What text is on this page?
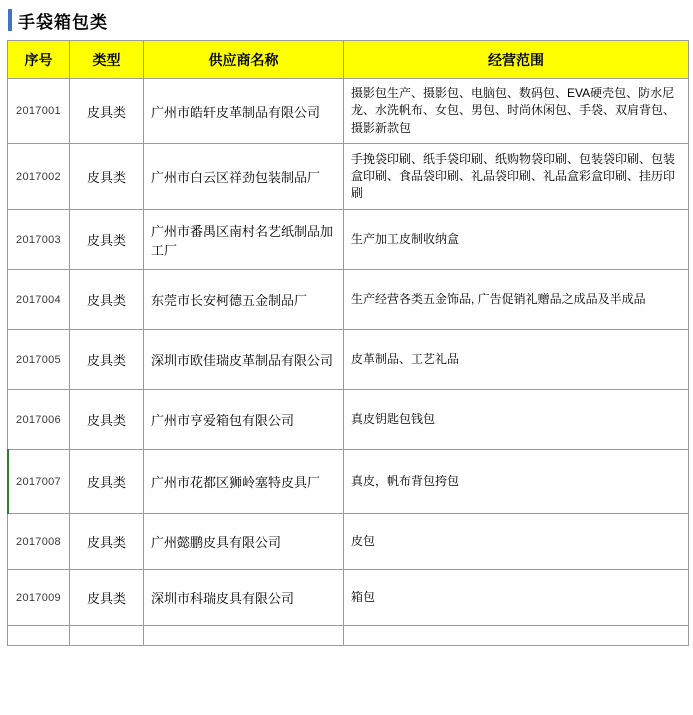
手袋箱包类
序号	类型	供应商名称	经营范围
2017001	皮具类	广州市皓轩皮革制品有限公司	摄影包生产、摄影包、电脑包、数码包、EVA硬壳包、防水尼龙、水洗帆布、女包、男包、时尚休闲包、手袋、双肩背包、摄影新款包
2017002	皮具类	广州市白云区祥劲包装制品厂	手挽袋印刷、纸手袋印刷、纸购物袋印刷、包装袋印刷、包装盒印刷、食品袋印刷、礼品袋印刷、礼品盒彩盒印刷、挂历印刷
2017003	皮具类	广州市番禺区南村名艺纸制品加工厂	生产加工皮制收纳盒
2017004	皮具类	东莞市长安柯德五金制品厂	生产经营各类五金饰品, 广告促销礼赠品之成品及半成品
2017005	皮具类	深圳市欧佳瑞皮革制品有限公司	皮革制品、工艺礼品
2017006	皮具类	广州市亨爱箱包有限公司	真皮钥匙包钱包
2017007	皮具类	广州市花都区狮岭塞特皮具厂	真皮，帆布背包挎包
2017008	皮具类	广州懿鹏皮具有限公司	皮包
2017009	皮具类	深圳市科瑞皮具有限公司	箱包
